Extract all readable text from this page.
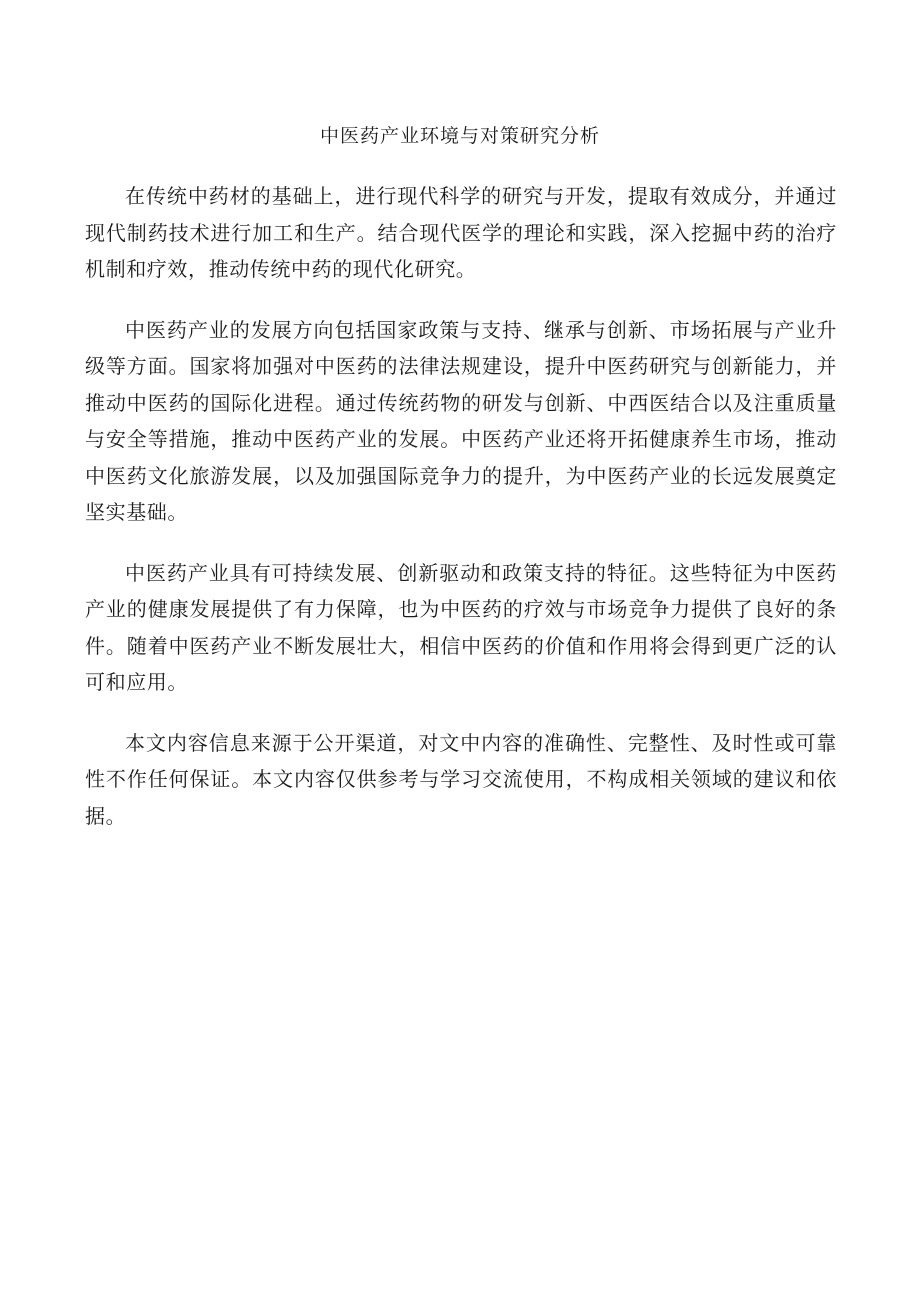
中医药产业环境与对策研究分析

在传统中药材的基础上，进行现代科学的研究与开发，提取有效成分，并通过现代制药技术进行加工和生产。结合现代医学的理论和实践，深入挖掘中药的治疗机制和疗效，推动传统中药的现代化研究。

中医药产业的发展方向包括国家政策与支持、继承与创新、市场拓展与产业升级等方面。国家将加强对中医药的法律法规建设，提升中医药研究与创新能力，并推动中医药的国际化进程。通过传统药物的研发与创新、中西医结合以及注重质量与安全等措施，推动中医药产业的发展。中医药产业还将开拓健康养生市场，推动中医药文化旅游发展，以及加强国际竞争力的提升，为中医药产业的长远发展奠定坚实基础。

中医药产业具有可持续发展、创新驱动和政策支持的特征。这些特征为中医药产业的健康发展提供了有力保障，也为中医药的疗效与市场竞争力提供了良好的条件。随着中医药产业不断发展壮大，相信中医药的价值和作用将会得到更广泛的认可和应用。

本文内容信息来源于公开渠道，对文中内容的准确性、完整性、及时性或可靠性不作任何保证。本文内容仅供参考与学习交流使用，不构成相关领域的建议和依据。
